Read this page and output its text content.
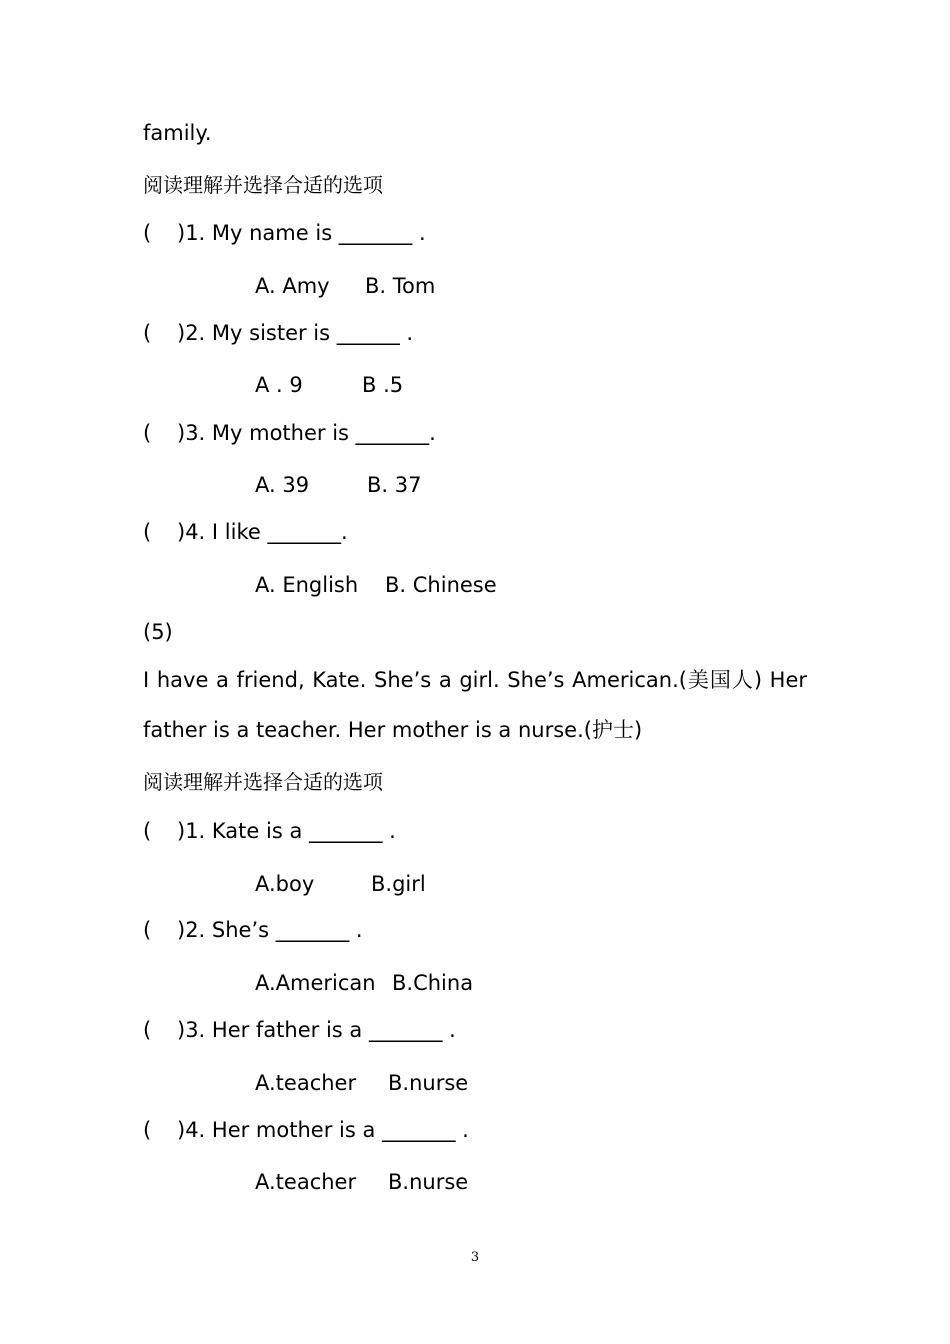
family.
阅读理解并选择合适的选项
( )1. My name is _______ .
A. Amy B. Tom
( )2. My sister is ______ .
A . 9	B .5
( )3. My mother is _______.
A. 39	B. 37
( )4. I like _______.
A. English B. Chinese
(5)
I have a friend, Kate. She’s a girl. She’s American.(美国人) Her
father is a teacher. Her mother is a nurse.(护士)
阅读理解并选择合适的选项
( )1. Kate is a _______ .
A.boy	B.girl
( )2. She’s _______ .
A.American B.China
( )3. Her father is a _______ .
A.teacher B.nurse
( )4. Her mother is a _______ .
A.teacher B.nurse
3
